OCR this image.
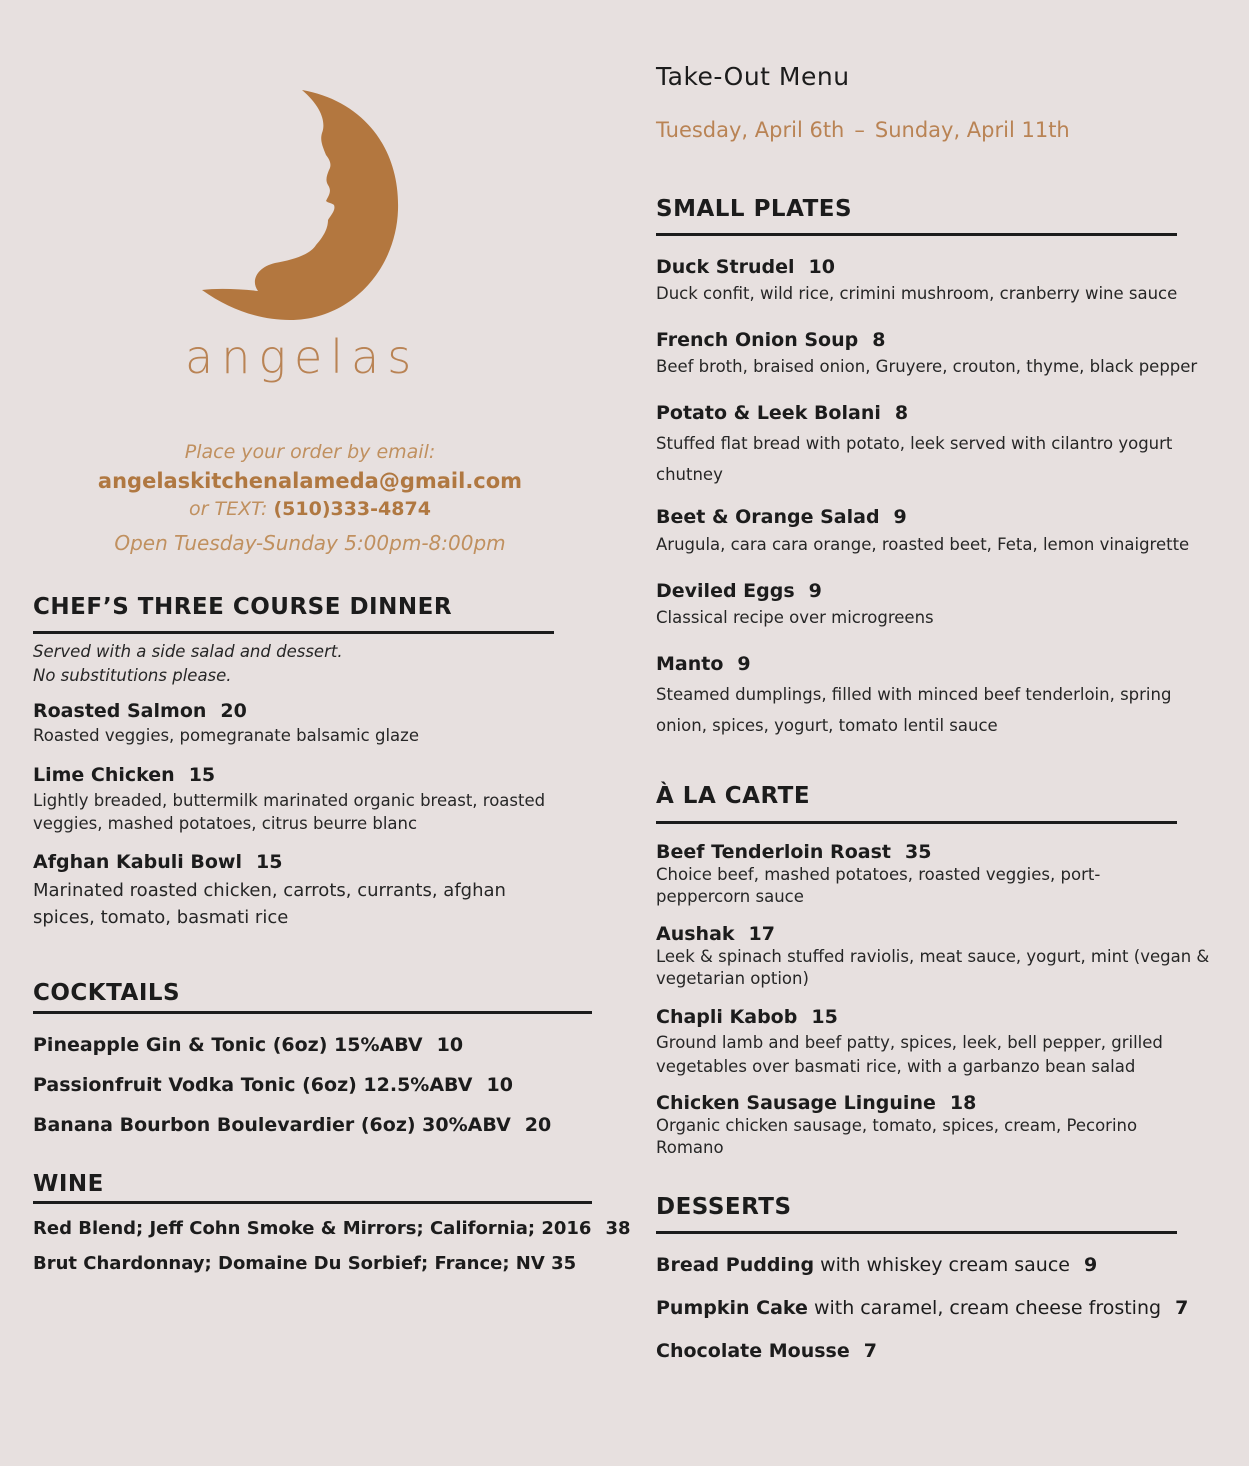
angelas
Place your order by email:
angelaskitchenalameda@gmail.com
or TEXT: (510)333-4874
Open Tuesday-Sunday 5:00pm-8:00pm
CHEF’S THREE COURSE DINNER
Served with a side salad and dessert.
No substitutions please.
Roasted Salmon 20
Roasted veggies, pomegranate balsamic glaze
Lime Chicken 15
Lightly breaded, buttermilk marinated organic breast, roasted veggies, mashed potatoes, citrus beurre blanc
Afghan Kabuli Bowl 15
Marinated roasted chicken, carrots, currants, afghan spices, tomato, basmati rice
COCKTAILS
Pineapple Gin & Tonic (6oz) 15%ABV 10
Passionfruit Vodka Tonic (6oz) 12.5%ABV 10
Banana Bourbon Boulevardier (6oz) 30%ABV 20
WINE
Red Blend; Jeff Cohn Smoke & Mirrors; California; 2016 38
Brut Chardonnay; Domaine Du Sorbief; France; NV 35
Take-Out Menu
Tuesday, April 6th – Sunday, April 11th
SMALL PLATES
Duck Strudel 10
Duck confit, wild rice, crimini mushroom, cranberry wine sauce
French Onion Soup 8
Beef broth, braised onion, Gruyere, crouton, thyme, black pepper
Potato & Leek Bolani 8
Stuffed flat bread with potato, leek served with cilantro yogurt chutney
Beet & Orange Salad 9
Arugula, cara cara orange, roasted beet, Feta, lemon vinaigrette
Deviled Eggs 9
Classical recipe over microgreens
Manto 9
Steamed dumplings, filled with minced beef tenderloin, spring onion, spices, yogurt, tomato lentil sauce
À LA CARTE
Beef Tenderloin Roast 35
Choice beef, mashed potatoes, roasted veggies, port-peppercorn sauce
Aushak 17
Leek & spinach stuffed raviolis, meat sauce, yogurt, mint (vegan & vegetarian option)
Chapli Kabob 15
Ground lamb and beef patty, spices, leek, bell pepper, grilled vegetables over basmati rice, with a garbanzo bean salad
Chicken Sausage Linguine 18
Organic chicken sausage, tomato, spices, cream, Pecorino Romano
DESSERTS
Bread Pudding with whiskey cream sauce 9
Pumpkin Cake with caramel, cream cheese frosting 7
Chocolate Mousse 7
